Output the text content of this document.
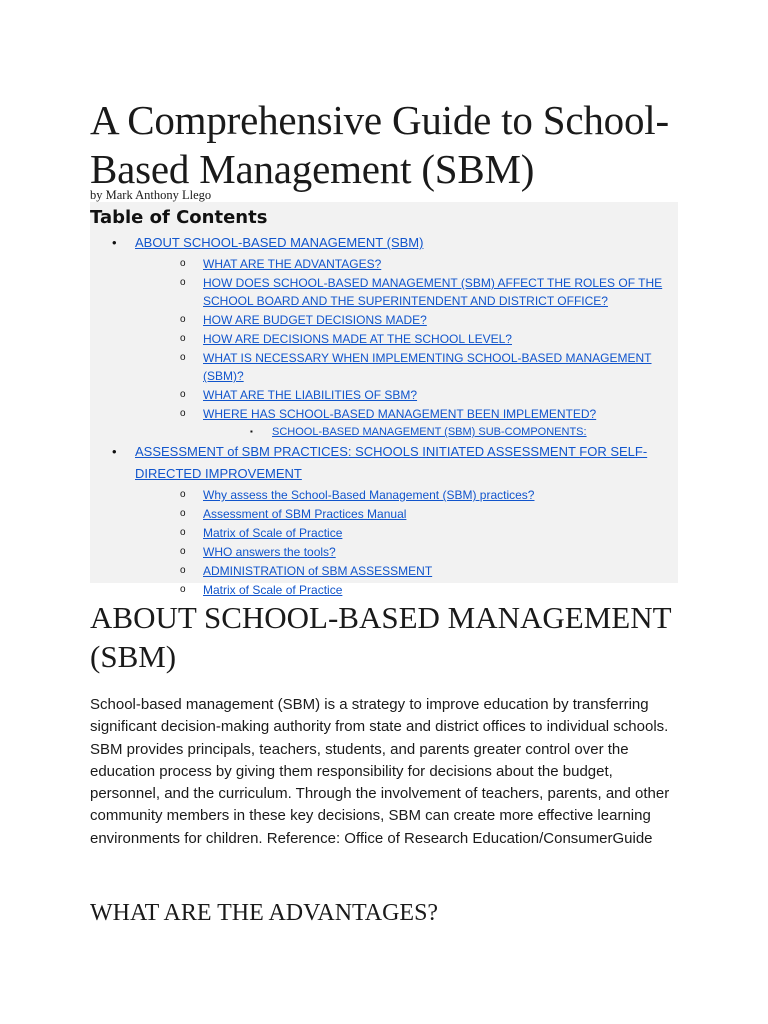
A Comprehensive Guide to School-Based Management (SBM)
by Mark Anthony Llego
Table of Contents
• ABOUT SCHOOL-BASED MANAGEMENT (SBM)
o WHAT ARE THE ADVANTAGES?
o HOW DOES SCHOOL-BASED MANAGEMENT (SBM) AFFECT THE ROLES OF THE SCHOOL BOARD AND THE SUPERINTENDENT AND DISTRICT OFFICE?
o HOW ARE BUDGET DECISIONS MADE?
o HOW ARE DECISIONS MADE AT THE SCHOOL LEVEL?
o WHAT IS NECESSARY WHEN IMPLEMENTING SCHOOL-BASED MANAGEMENT (SBM)?
o WHAT ARE THE LIABILITIES OF SBM?
o WHERE HAS SCHOOL-BASED MANAGEMENT BEEN IMPLEMENTED?
▪ SCHOOL-BASED MANAGEMENT (SBM) SUB-COMPONENTS:
• ASSESSMENT of SBM PRACTICES: SCHOOLS INITIATED ASSESSMENT FOR SELF-DIRECTED IMPROVEMENT
o Why assess the School-Based Management (SBM) practices?
o Assessment of SBM Practices Manual
o Matrix of Scale of Practice
o WHO answers the tools?
o ADMINISTRATION of SBM ASSESSMENT
o Matrix of Scale of Practice
ABOUT SCHOOL-BASED MANAGEMENT (SBM)

School-based management (SBM) is a strategy to improve education by transferring significant decision-making authority from state and district offices to individual schools. SBM provides principals, teachers, students, and parents greater control over the education process by giving them responsibility for decisions about the budget, personnel, and the curriculum. Through the involvement of teachers, parents, and other community members in these key decisions, SBM can create more effective learning environments for children. Reference: Office of Research Education/ConsumerGuide

WHAT ARE THE ADVANTAGES?
